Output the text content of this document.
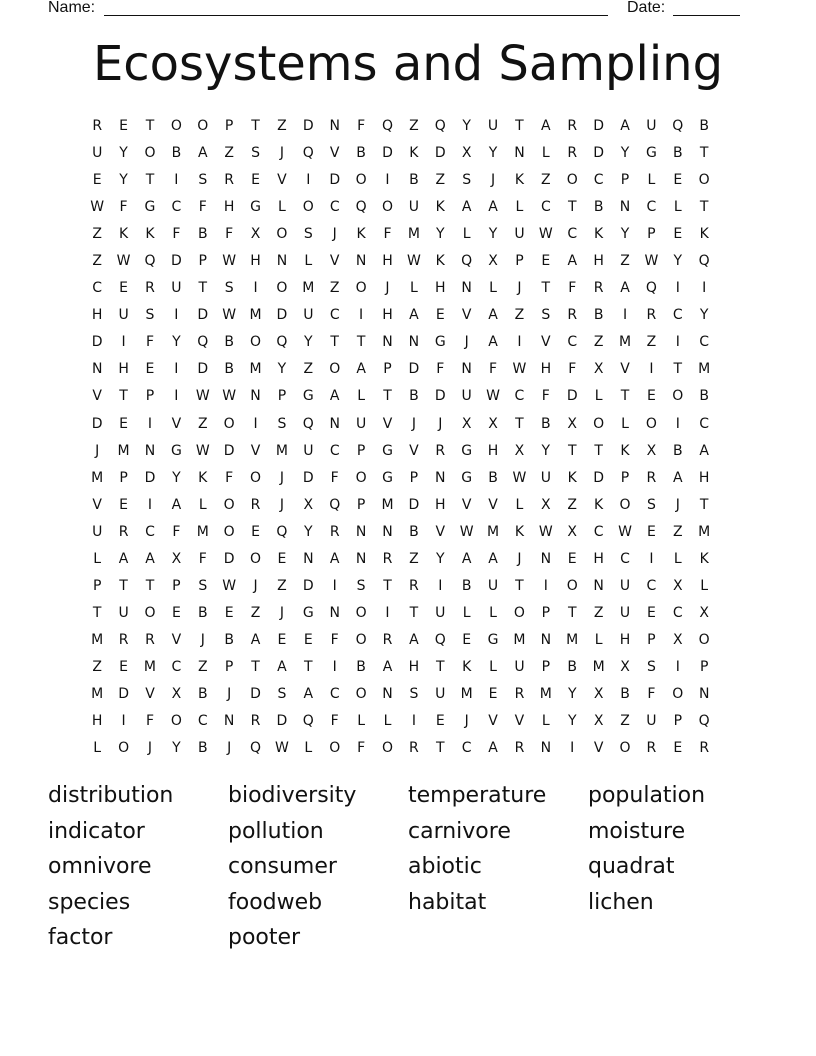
Name:	Date:
Ecosystems and Sampling
R	E	T	O	O	P	T	Z	D	N	F	Q	Z	Q	Y	U	T	A	R	D	A	U	Q	B
U	Y	O	B	A	Z	S	J	Q	V	B	D	K	D	X	Y	N	L	R	D	Y	G	B	T
E	Y	T	I	S	R	E	V	I	D	O	I	B	Z	S	J	K	Z	O	C	P	L	E	O
W	F	G	C	F	H	G	L	O	C	Q	O	U	K	A	A	L	C	T	B	N	C	L	T
Z	K	K	F	B	F	X	O	S	J	K	F	M	Y	L	Y	U	W	C	K	Y	P	E	K
Z	W Q	D	P	W	H	N	L	V	N	H	W	K	Q	X	P	E	A	H	Z	W	Y	Q
C	E	R	U	T	S	I	O	M	Z	O	J	L	H	N	L	J	T	F	R	A	Q	I	I
H	U	S	I	D	W M	D	U	C	I	H	A	E	V	A	Z	S	R	B	I	R	C	Y
D	I	F	Y	Q	B	O	Q	Y	T	T	N	N	G	J	A	I	V	C	Z	M	Z	I	C
N	H	E	I	D	B	M	Y	Z	O	A	P	D	F	N	F	W	H	F	X	V	I	T	M
V	T	P	I	W W	N	P	G	A	L	T	B	D	U	W	C	F	D	L	T	E	O	B
D	E	I	V	Z	O	I	S	Q	N	U	V	J	J	X	X	T	B	X	O	L	O	I	C
J	M	N	G	W	D	V	M	U	C	P	G	V	R	G	H	X	Y	T	T	K	X	B	A
M	P	D	Y	K	F	O	J	D	F	O	G	P	N	G	B	W	U	K	D	P	R	A	H
V	E	I	A	L	O	R	J	X	Q	P	M	D	H	V	V	L	X	Z	K	O	S	J	T
U	R	C	F	M	O	E	Q	Y	R	N	N	B	V	W M	K	W	X	C	W	E	Z	M
L	A	A	X	F	D	O	E	N	A	N	R	Z	Y	A	A	J	N	E	H	C	I	L	K
P	T	T	P	S	W	J	Z	D	I	S	T	R	I	B	U	T	I	O	N	U	C	X	L
T	U	O	E	B	E	Z	J	G	N	O	I	T	U	L	L	O	P	T	Z	U	E	C	X
M	R	R	V	J	B	A	E	E	F	O	R	A	Q	E	G	M	N	M	L	H	P	X	O
Z	E	M	C	Z	P	T	A	T	I	B	A	H	T	K	L	U	P	B	M	X	S	I	P
M	D	V	X	B	J	D	S	A	C	O	N	S	U	M	E	R	M	Y	X	B	F	O	N
H	I	F	O	C	N	R	D	Q	F	L	L	I	E	J	V	V	L	Y	X	Z	U	P	Q
L	O	J	Y	B	J	Q W	L	O	F	O	R	T	C	A	R	N	I	V	O	R	E	R
distribution	biodiversity	temperature	population
indicator	pollution	carnivore	moisture
omnivore	consumer	abiotic	quadrat
species	foodweb	habitat	lichen
factor	pooter
